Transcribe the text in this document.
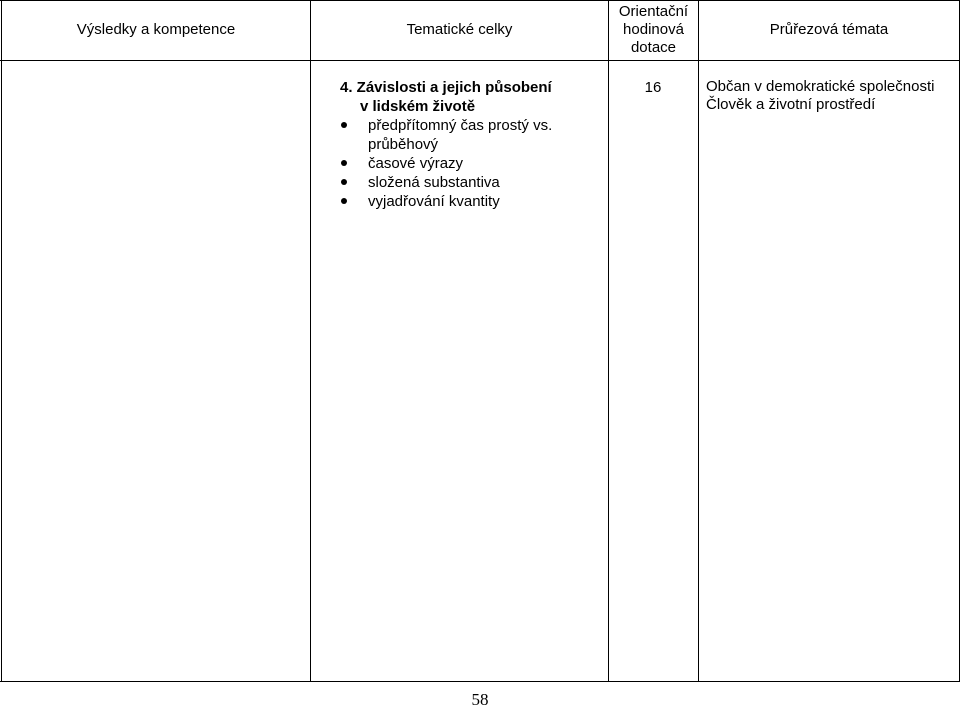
Výsledky a kompetence	Tematické celky
Orientační
hodinová
dotace
Průřezová témata
4. Závislosti a jejich působení
v lidském životě
předpřítomný čas prostý vs. průběhový
časové výrazy
složená substantiva
vyjadřování kvantity
16	Občan v demokratické společnosti
Člověk a životní prostředí
58
